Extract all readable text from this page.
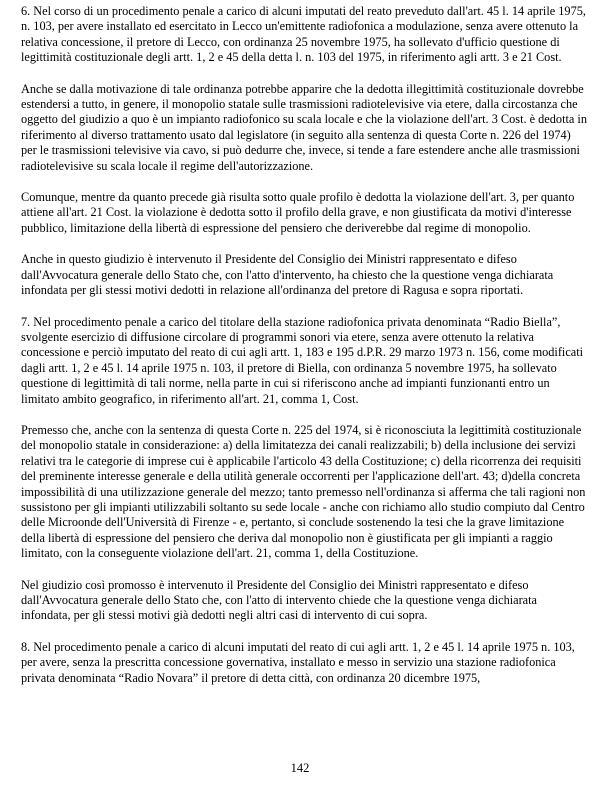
6. Nel corso di un procedimento penale a carico di alcuni imputati del reato preveduto dall'art. 45 l. 14 aprile 1975, n. 103, per avere installato ed esercitato in Lecco un'emittente radiofonica a modulazione, senza avere ottenuto la relativa concessione, il pretore di Lecco, con ordinanza 25 novembre 1975, ha sollevato d'ufficio questione di legittimità costituzionale degli artt. 1, 2 e 45 della detta l. n. 103 del 1975, in riferimento agli artt. 3 e 21 Cost.

Anche se dalla motivazione di tale ordinanza potrebbe apparire che la dedotta illegittimità costituzionale dovrebbe estendersi a tutto, in genere, il monopolio statale sulle trasmissioni radiotelevisive via etere, dalla circostanza che oggetto del giudizio a quo è un impianto radiofonico su scala locale e che la violazione dell'art. 3 Cost. è dedotta in riferimento al diverso trattamento usato dal legislatore (in seguito alla sentenza di questa Corte n. 226 del 1974) per le trasmissioni televisive via cavo, si può dedurre che, invece, si tende a fare estendere anche alle trasmissioni radiotelevisive su scala locale il regime dell'autorizzazione.

Comunque, mentre da quanto precede già risulta sotto quale profilo è dedotta la violazione dell'art. 3, per quanto attiene all'art. 21 Cost. la violazione è dedotta sotto il profilo della grave, e non giustificata da motivi d'interesse pubblico, limitazione della libertà di espressione del pensiero che deriverebbe dal regime di monopolio.

Anche in questo giudizio è intervenuto il Presidente del Consiglio dei Ministri rappresentato e difeso dall'Avvocatura generale dello Stato che, con l'atto d'intervento, ha chiesto che la questione venga dichiarata infondata per gli stessi motivi dedotti in relazione all'ordinanza del pretore di Ragusa e sopra riportati.

7. Nel procedimento penale a carico del titolare della stazione radiofonica privata denominata “Radio Biella”, svolgente esercizio di diffusione circolare di programmi sonori via etere, senza avere ottenuto la relativa concessione e perciò imputato del reato di cui agli artt. 1, 183 e 195 d.P.R. 29 marzo 1973 n. 156, come modificati dagli artt. 1, 2 e 45 l. 14 aprile 1975 n. 103, il pretore di Biella, con ordinanza 5 novembre 1975, ha sollevato questione di legittimità di tali norme, nella parte in cui si riferiscono anche ad impianti funzionanti entro un limitato ambito geografico, in riferimento all'art. 21, comma 1, Cost.

Premesso che, anche con la sentenza di questa Corte n. 225 del 1974, si è riconosciuta la legittimità costituzionale del monopolio statale in considerazione: a) della limitatezza dei canali realizzabili; b) della inclusione dei servizi relativi tra le categorie di imprese cui è applicabile l'articolo 43 della Costituzione; c) della ricorrenza dei requisiti del preminente interesse generale e della utilità generale occorrenti per l'applicazione dell'art. 43; d)della concreta impossibilità di una utilizzazione generale del mezzo; tanto premesso nell'ordinanza si afferma che tali ragioni non sussistono per gli impianti utilizzabili soltanto su sede locale - anche con richiamo allo studio compiuto dal Centro delle Microonde dell'Università di Firenze - e, pertanto, si conclude sostenendo la tesi che la grave limitazione della libertà di espressione del pensiero che deriva dal monopolio non è giustificata per gli impianti a raggio limitato, con la conseguente violazione dell'art. 21, comma 1, della Costituzione.

Nel giudizio così promosso è intervenuto il Presidente del Consiglio dei Ministri rappresentato e difeso dall'Avvocatura generale dello Stato che, con l'atto di intervento chiede che la questione venga dichiarata infondata, per gli stessi motivi già dedotti negli altri casi di intervento di cui sopra.

8. Nel procedimento penale a carico di alcuni imputati del reato di cui agli artt. 1, 2 e 45 l. 14 aprile 1975 n. 103, per avere, senza la prescritta concessione governativa, installato e messo in servizio una stazione radiofonica privata denominata “Radio Novara” il pretore di detta città, con ordinanza 20 dicembre 1975,

142
